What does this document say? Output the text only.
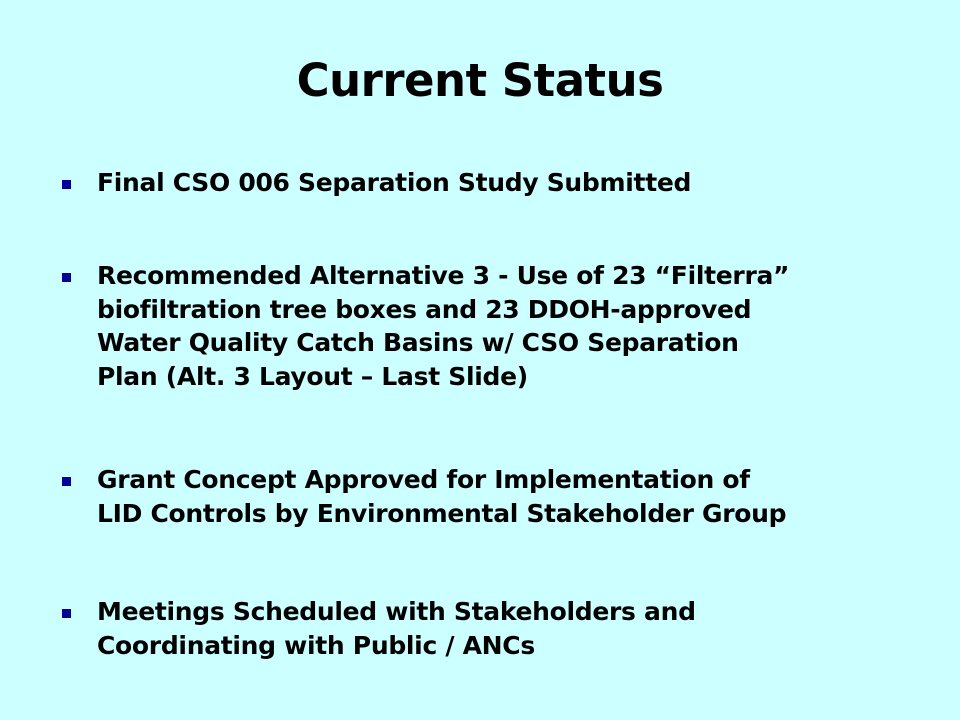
Current Status

Final CSO 006 Separation Study Submitted

Recommended Alternative 3 - Use of 23 “Filterra”
biofiltration tree boxes and 23 DDOH-approved
Water Quality Catch Basins w/ CSO Separation
Plan (Alt. 3 Layout – Last Slide)

Grant Concept Approved for Implementation of
LID Controls by Environmental Stakeholder Group

Meetings Scheduled with Stakeholders and
Coordinating with Public / ANCs
